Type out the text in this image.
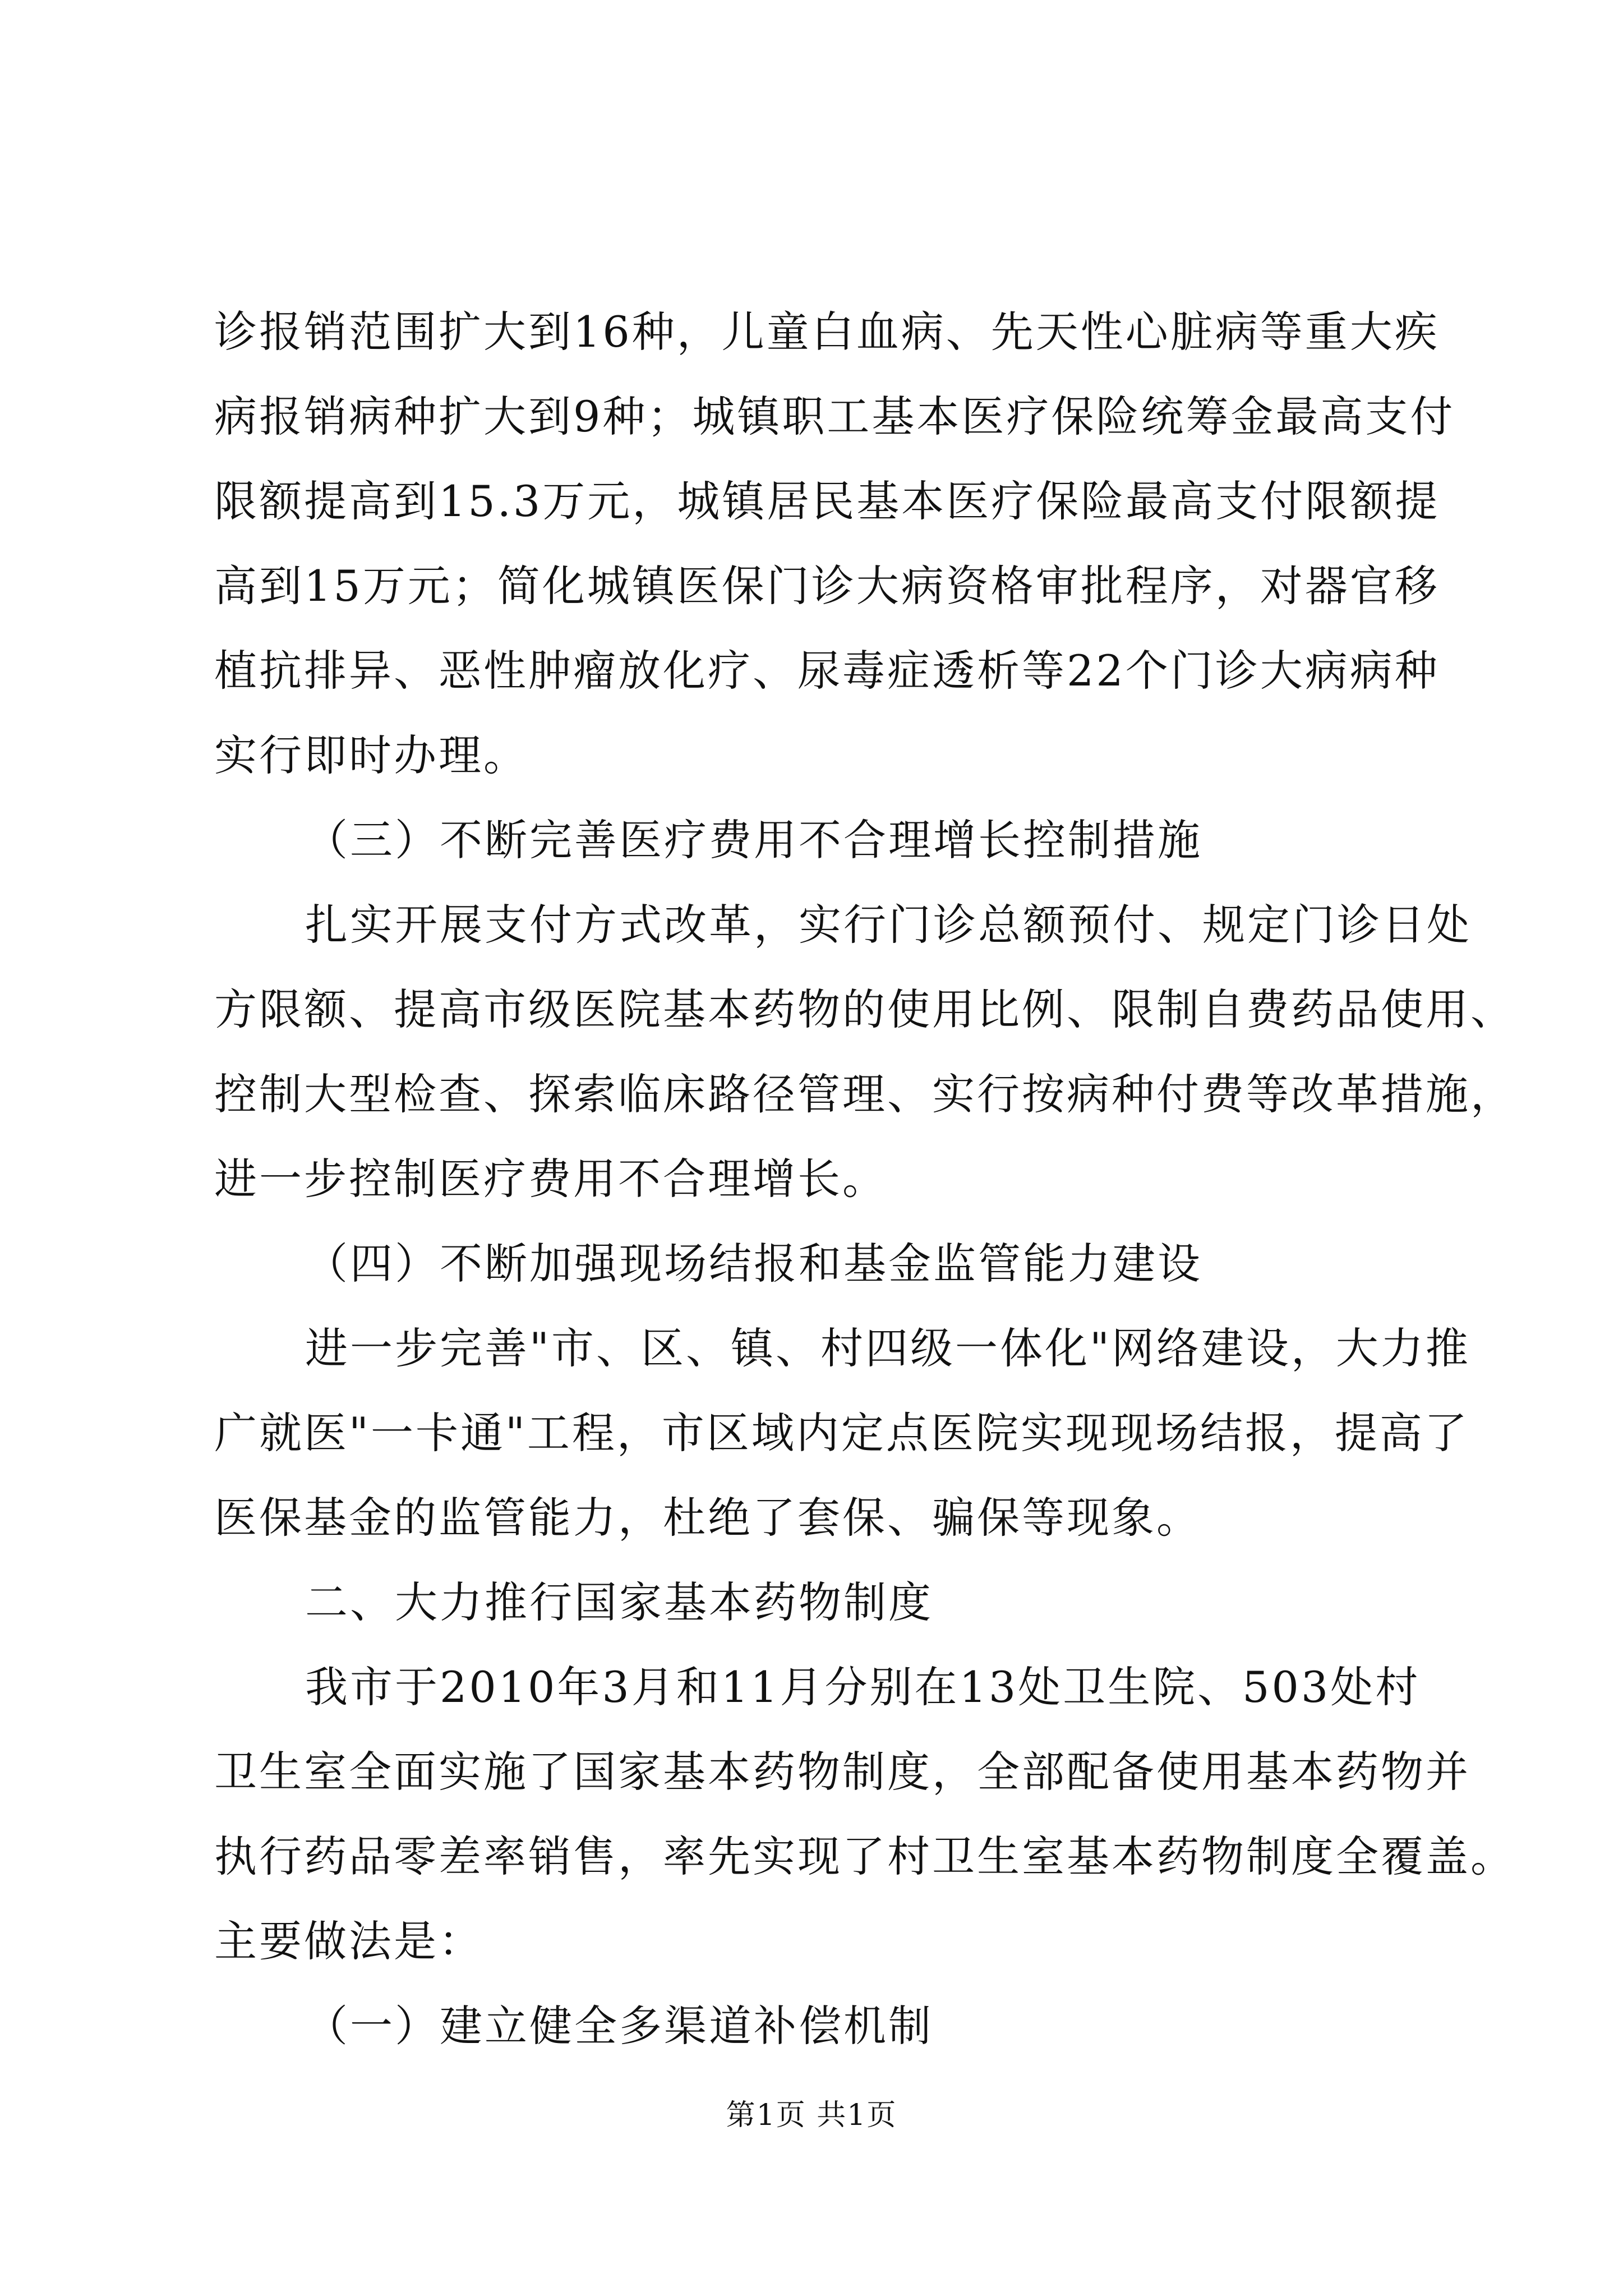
诊报销范围扩大到16种，儿童白血病、先天性心脏病等重大疾
病报销病种扩大到9种；城镇职工基本医疗保险统筹金最高支付
限额提高到15.3万元，城镇居民基本医疗保险最高支付限额提
高到15万元；简化城镇医保门诊大病资格审批程序，对器官移
植抗排异、恶性肿瘤放化疗、尿毒症透析等22个门诊大病病种
实行即时办理。
（三）不断完善医疗费用不合理增长控制措施
扎实开展支付方式改革，实行门诊总额预付、规定门诊日处
方限额、提高市级医院基本药物的使用比例、限制自费药品使用、
控制大型检查、探索临床路径管理、实行按病种付费等改革措施，
进一步控制医疗费用不合理增长。
（四）不断加强现场结报和基金监管能力建设
进一步完善"市、区、镇、村四级一体化"网络建设，大力推
广就医"一卡通"工程，市区域内定点医院实现现场结报，提高了
医保基金的监管能力，杜绝了套保、骗保等现象。
二、大力推行国家基本药物制度
我市于2010年3月和11月分别在13处卫生院、503处村
卫生室全面实施了国家基本药物制度，全部配备使用基本药物并
执行药品零差率销售，率先实现了村卫生室基本药物制度全覆盖。
主要做法是：
（一）建立健全多渠道补偿机制
第1页 共1页
